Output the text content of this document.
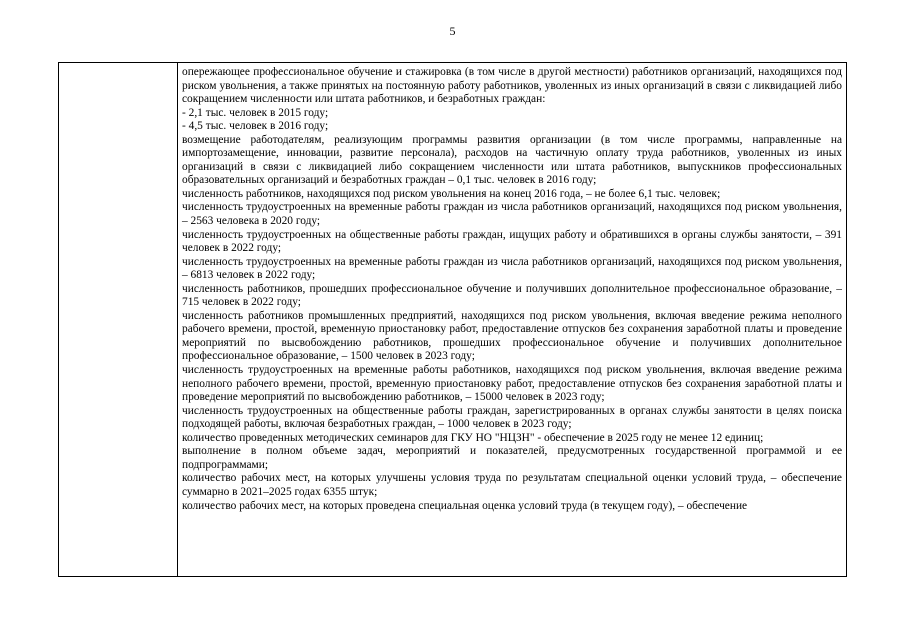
5

опережающее профессиональное обучение и стажировка (в том числе в другой местности) работников организаций, находящихся под риском увольнения, а также принятых на постоянную работу работников, уволенных из иных организаций в связи с ликвидацией либо сокращением численности или штата работников, и безработных граждан:

- 2,1 тыс. человек в 2015 году;

- 4,5 тыс. человек в 2016 году;

возмещение работодателям, реализующим программы развития организации (в том числе программы, направленные на импортозамещение, инновации, развитие персонала), расходов на частичную оплату труда работников, уволенных из иных организаций в связи с ликвидацией либо сокращением численности или штата работников, выпускников профессиональных образовательных организаций и безработных граждан – 0,1 тыс. человек в 2016 году;

численность работников, находящихся под риском увольнения на конец 2016 года, – не более 6,1 тыс. человек;

численность трудоустроенных на временные работы граждан из числа работников организаций, находящихся под риском увольнения, – 2563 человека в 2020 году;

численность трудоустроенных на общественные работы граждан, ищущих работу и обратившихся в органы службы занятости, – 391 человек в 2022 году;

численность трудоустроенных на временные работы граждан из числа работников организаций, находящихся под риском увольнения, – 6813 человек в 2022 году;

численность работников, прошедших профессиональное обучение и получивших дополнительное профессиональное образование, – 715 человек в 2022 году;

численность работников промышленных предприятий, находящихся под риском увольнения, включая введение режима неполного рабочего времени, простой, временную приостановку работ, предоставление отпусков без сохранения заработной платы и проведение мероприятий по высвобождению работников, прошедших профессиональное обучение и получивших дополнительное профессиональное образование, – 1500 человек в 2023 году;

численность трудоустроенных на временные работы работников, находящихся под риском увольнения, включая введение режима неполного рабочего времени, простой, временную приостановку работ, предоставление отпусков без сохранения заработной платы и проведение мероприятий по высвобождению работников, – 15000 человек в 2023 году;

численность трудоустроенных на общественные работы граждан, зарегистрированных в органах службы занятости в целях поиска подходящей работы, включая безработных граждан, – 1000 человек в 2023 году;

количество проведенных методических семинаров для ГКУ НО "НЦЗН" - обеспечение в 2025 году не менее 12 единиц;

выполнение в полном объеме задач, мероприятий и показателей, предусмотренных государственной программой и ее подпрограммами;

количество рабочих мест, на которых улучшены условия труда по результатам специальной оценки условий труда, – обеспечение суммарно в 2021–2025 годах 6355 штук;

количество рабочих мест, на которых проведена специальная оценка условий труда (в текущем году), – обеспечение
